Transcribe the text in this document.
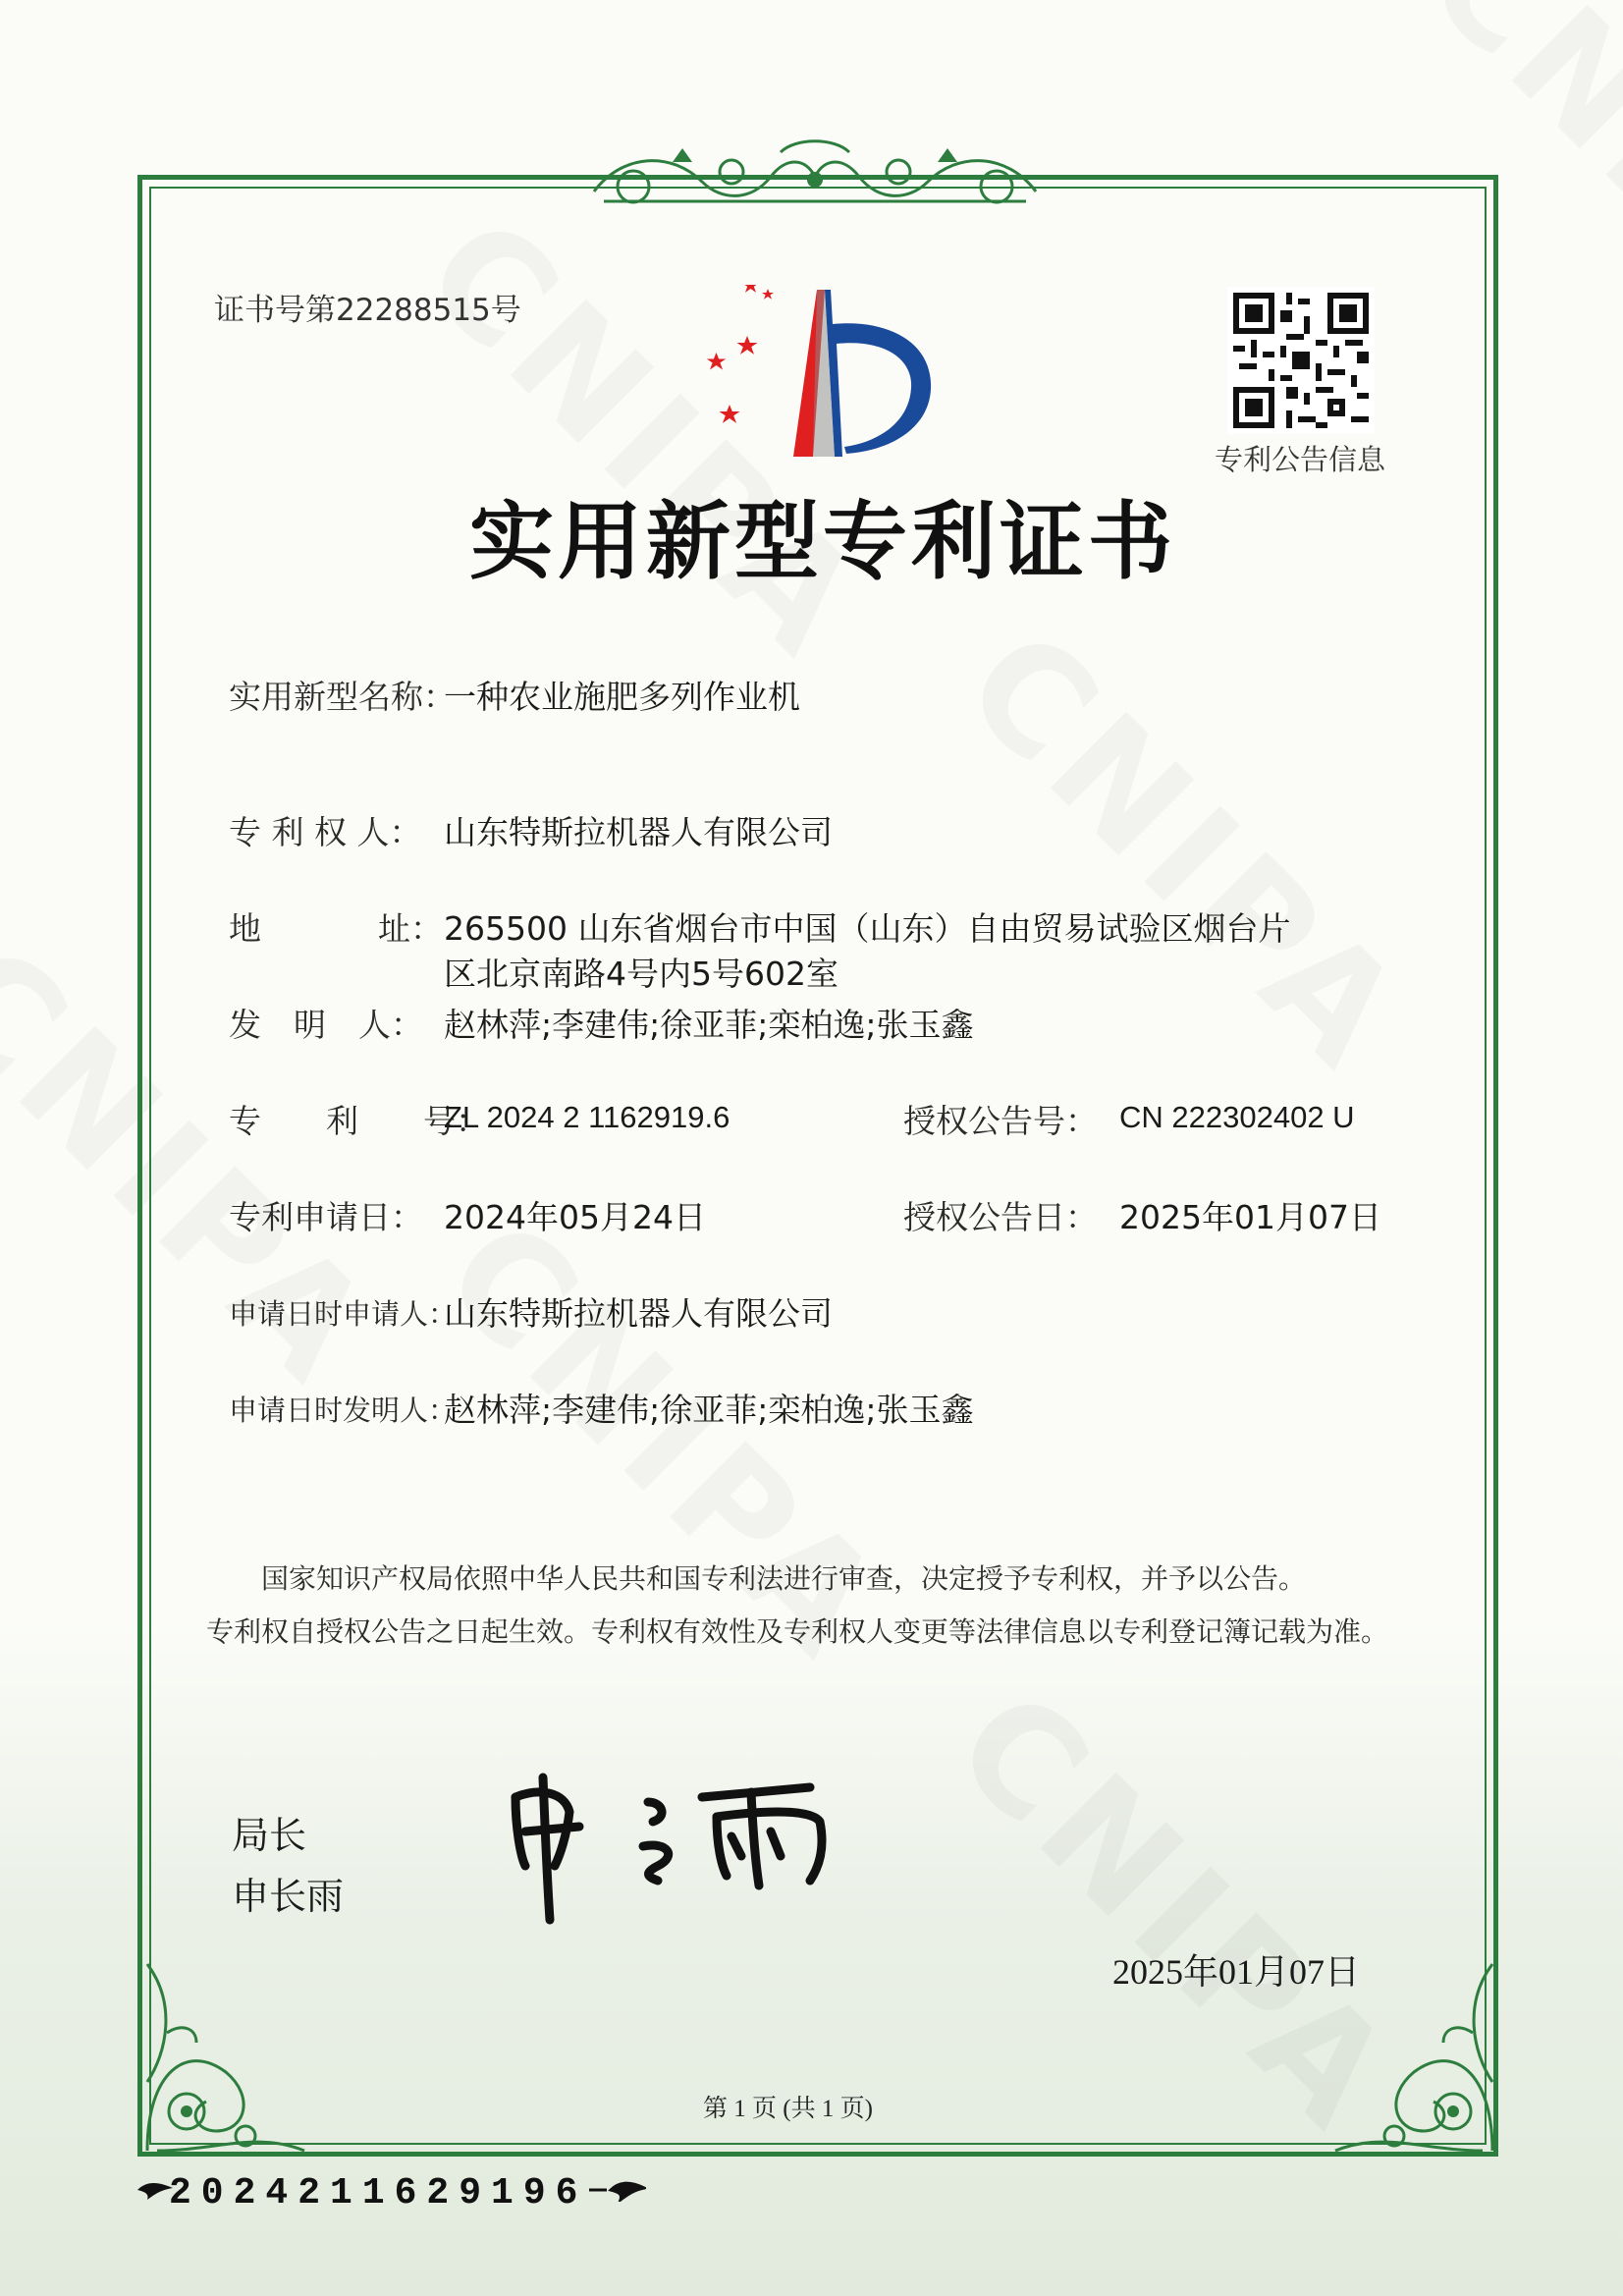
证书号第22288515号
专利公告信息
实用新型专利证书
实用新型名称：
一种农业施肥多列作业机
专 利 权 人： 山东特斯拉机器人有限公司
地	址： 265500 山东省烟台市中国（山东）自由贸易试验区烟台片
区北京南路4号内5号602室
发　明　人： 赵林萍;李建伟;徐亚菲;栾柏逸;张玉鑫
专　　利　　号：
ZL 2024 2 1162919.6	授权公告号： CN 222302402 U
专利申请日： 2024年05月24日	授权公告日： 2025年01月07日
申请日时申请人：
山东特斯拉机器人有限公司
申请日时发明人：
赵林萍;李建伟;徐亚菲;栾柏逸;张玉鑫
国家知识产权局依照中华人民共和国专利法进行审查，决定授予专利权，并予以公告。
专利权自授权公告之日起生效。专利权有效性及专利权人变更等法律信息以专利登记簿记载为准。
局长
申长雨
2025年01月07日
第 1 页 (共 1 页)
2024211629196
